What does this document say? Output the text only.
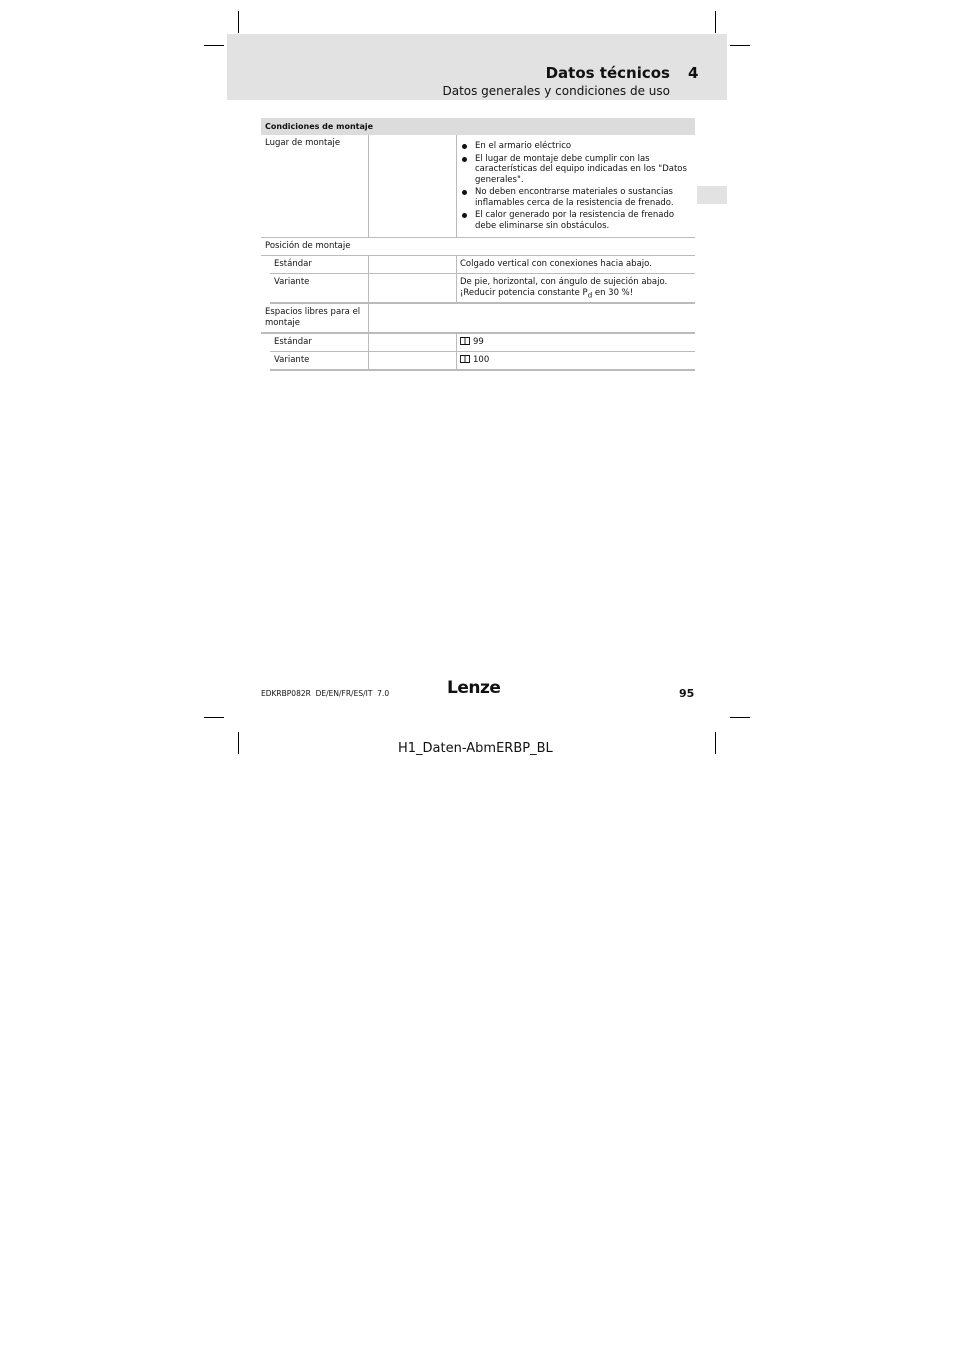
Datos técnicos 4
Datos generales y condiciones de uso
Condiciones de montaje
Lugar de montaje	En el armario eléctrico
El lugar de montaje debe cumplir con las características del equipo indicadas en los "Datos generales".
No deben encontrarse materiales o sustancias inflamables cerca de la resistencia de frenado.
El calor generado por la resistencia de frenado debe eliminarse sin obstáculos.
Posición de montaje
Estándar	Colgado vertical con conexiones hacia abajo.
Variante	De pie, horizontal, con ángulo de sujeción abajo.
¡Reducir potencia constante $P_d$ en 30 %!
Espacios libres para el montaje
Estándar	99
Variante	100
EDKRBP082R  DE/EN/FR/ES/IT  7.0	Lenze	95
H1_Daten-AbmERBP_BL
